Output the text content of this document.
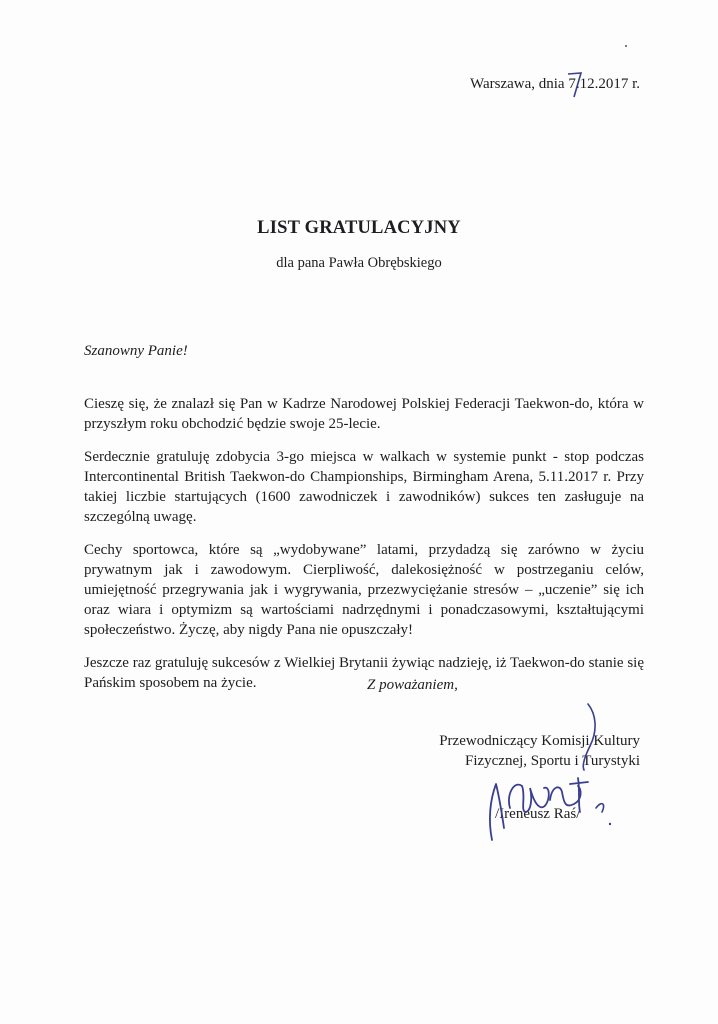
Warszawa, dnia 7.12.2017 r.
LIST GRATULACYJNY
dla pana Pawła Obrębskiego
Szanowny Panie!

Cieszę się, że znalazł się Pan w Kadrze Narodowej Polskiej Federacji Taekwon-do, która w przyszłym roku obchodzić będzie swoje 25-lecie.

Serdecznie gratuluję zdobycia 3-go miejsca w walkach w systemie punkt - stop podczas Intercontinental British Taekwon-do Championships, Birmingham Arena, 5.11.2017 r. Przy takiej liczbie startujących (1600 zawodniczek i zawodników) sukces ten zasługuje na szczególną uwagę.

Cechy sportowca, które są „wydobywane” latami, przydadzą się zarówno w życiu prywatnym jak i zawodowym. Cierpliwość, dalekosiężność w postrzeganiu celów, umiejętność przegrywania jak i wygrywania, przezwyciężanie stresów – „uczenie” się ich oraz wiara i optymizm są wartościami nadrzędnymi i ponadczasowymi, kształtującymi społeczeństwo. Życzę, aby nigdy Pana nie opuszczały!

Jeszcze raz gratuluję sukcesów z Wielkiej Brytanii żywiąc nadzieję, iż Taekwon-do stanie się Pańskim sposobem na życie.	Z poważaniem,
Przewodniczący Komisji Kultury
Fizycznej, Sportu i Turystyki
/Ireneusz Raś/
